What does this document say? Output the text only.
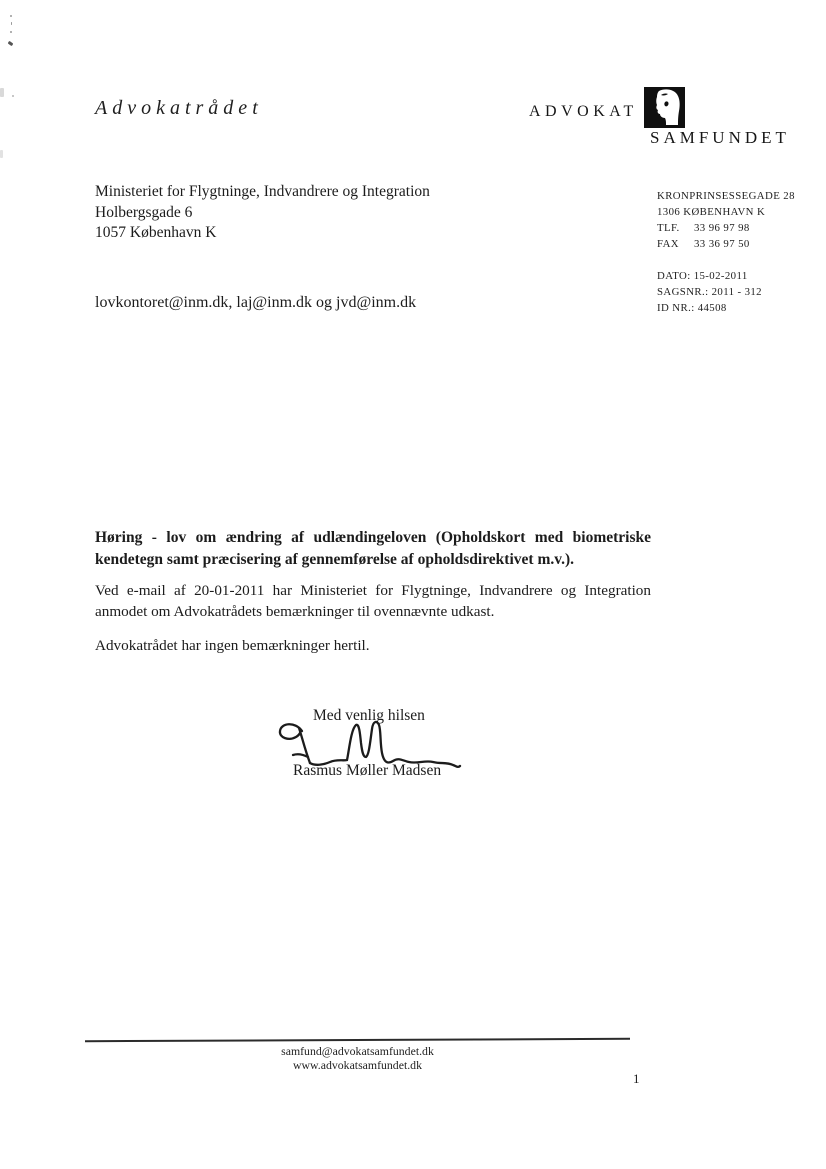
Advokatrådet	ADVOKAT
SAMFUNDET
Ministeriet for Flygtninge, Indvandrere og Integration
Holbergsgade 6
1057 København K
lovkontoret@inm.dk, laj@inm.dk og jvd@inm.dk
KRONPRINSESSEGADE 28
1306 KØBENHAVN K
TLF. 33 96 97 98
FAX 33 36 97 50
DATO: 15-02-2011
SAGSNR.: 2011 - 312
ID NR.: 44508
Høring - lov om ændring af udlændingeloven (Opholdskort med biometriske
kendetegn samt præcisering af gennemførelse af opholdsdirektivet m.v.).
Ved e-mail af 20-01-2011 har Ministeriet for Flygtninge, Indvandrere og Integration
anmodet om Advokatrådets bemærkninger til ovennævnte udkast.
Advokatrådet har ingen bemærkninger hertil.
Med venlig hilsen
Rasmus Møller Madsen
samfund@advokatsamfundet.dk
www.advokatsamfundet.dk
1
